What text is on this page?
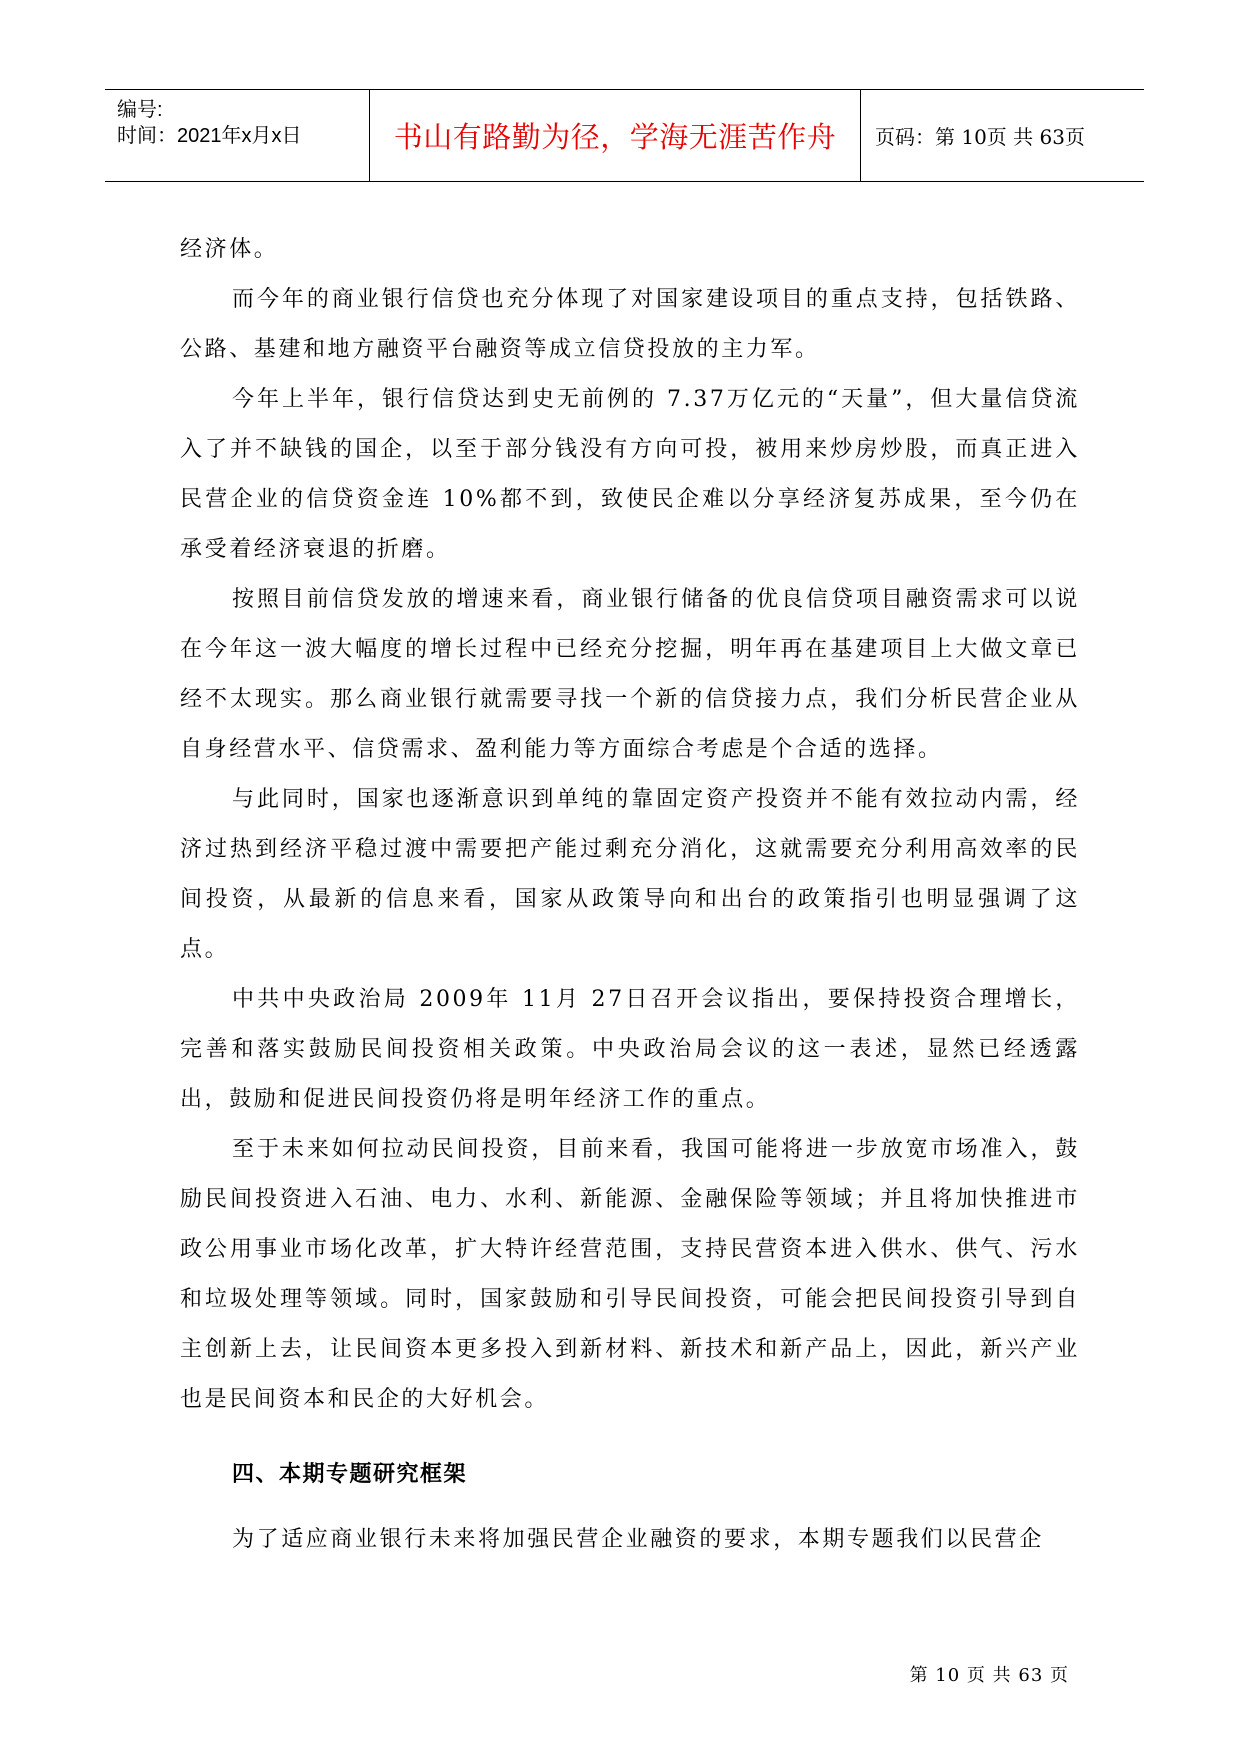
编号:
时间：2021年x月x日	书山有路勤为径，学海无涯苦作舟	页码：第 10页 共 63页

经济体。

而今年的商业银行信贷也充分体现了对国家建设项目的重点支持，包括铁路、公路、基建和地方融资平台融资等成立信贷投放的主力军。

今年上半年，银行信贷达到史无前例的 7.37万亿元的“天量”，但大量信贷流入了并不缺钱的国企，以至于部分钱没有方向可投，被用来炒房炒股，而真正进入民营企业的信贷资金连 10%都不到，致使民企难以分享经济复苏成果，至今仍在承受着经济衰退的折磨。

按照目前信贷发放的增速来看，商业银行储备的优良信贷项目融资需求可以说在今年这一波大幅度的增长过程中已经充分挖掘，明年再在基建项目上大做文章已经不太现实。那么商业银行就需要寻找一个新的信贷接力点，我们分析民营企业从自身经营水平、信贷需求、盈利能力等方面综合考虑是个合适的选择。

与此同时，国家也逐渐意识到单纯的靠固定资产投资并不能有效拉动内需，经济过热到经济平稳过渡中需要把产能过剩充分消化，这就需要充分利用高效率的民间投资，从最新的信息来看，国家从政策导向和出台的政策指引也明显强调了这点。

中共中央政治局 2009年 11月 27日召开会议指出，要保持投资合理增长，完善和落实鼓励民间投资相关政策。中央政治局会议的这一表述，显然已经透露出，鼓励和促进民间投资仍将是明年经济工作的重点。

至于未来如何拉动民间投资，目前来看，我国可能将进一步放宽市场准入，鼓励民间投资进入石油、电力、水利、新能源、金融保险等领域；并且将加快推进市政公用事业市场化改革，扩大特许经营范围，支持民营资本进入供水、供气、污水和垃圾处理等领域。同时，国家鼓励和引导民间投资，可能会把民间投资引导到自主创新上去，让民间资本更多投入到新材料、新技术和新产品上，因此，新兴产业也是民间资本和民企的大好机会。

四、本期专题研究框架

为了适应商业银行未来将加强民营企业融资的要求，本期专题我们以民营企

第 10 页 共 63 页
